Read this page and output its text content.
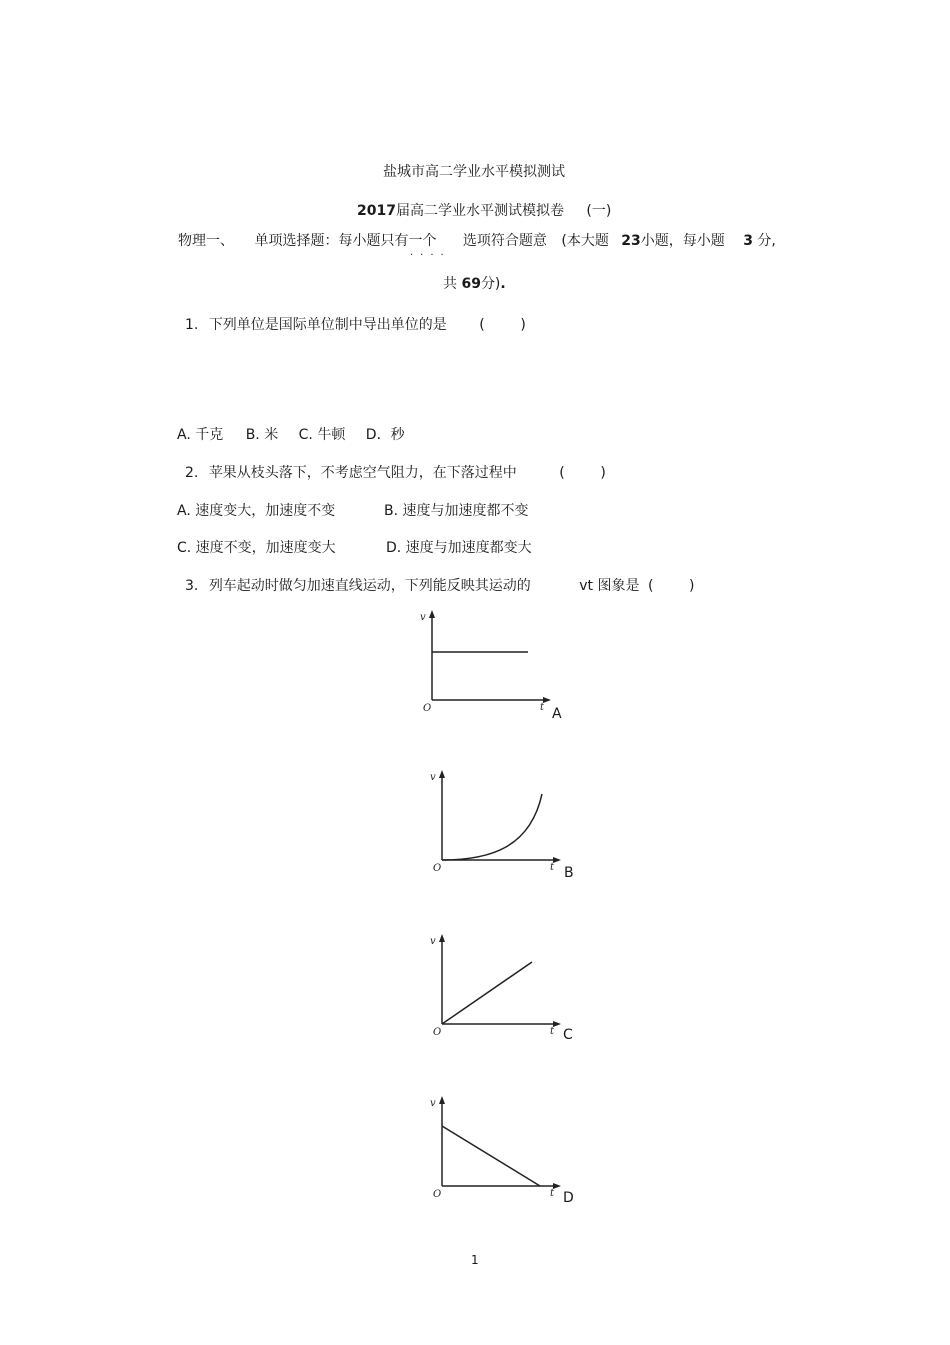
盐城市高二学业水平模拟测试
2017届高二学业水平测试模拟卷 (一)
物理一、 单项选择题：每小题只有一个 选项符合题意 (本大题 23小题，每小题 3 分,
····
共 69分).
1. 下列单位是国际单位制中导出单位的是 (        )
A. 千克 B. 米 C. 牛顿 D．秒
2. 苹果从枝头落下，不考虑空气阻力，在下落过程中	(        )
A. 速度变大，加速度不变	B. 速度与加速度都不变
C. 速度不变，加速度变大	D. 速度与加速度都变大
3. 列车起动时做匀加速直线运动，下列能反映其运动的	vt 图象是 (        )
v
O	t A
v
O	t B
v
O	t C
v
O	t D
1
